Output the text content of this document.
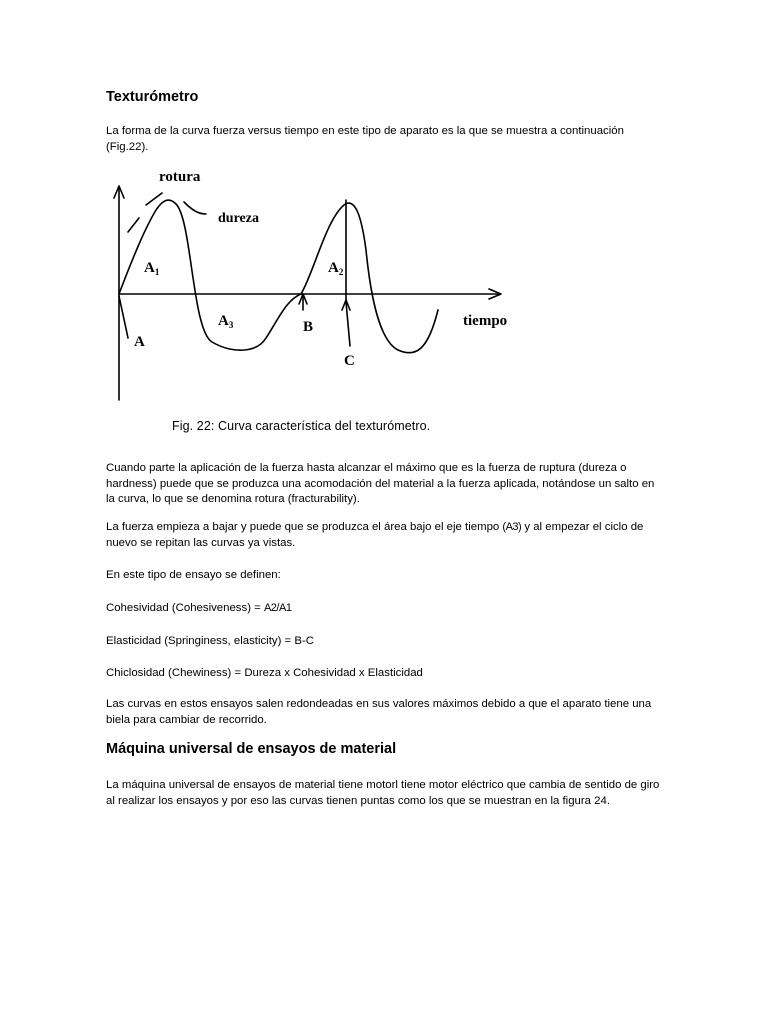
Texturómetro

La forma de la curva fuerza versus tiempo en este tipo de aparato es la que se muestra a continuación (Fig.22).

rotura
dureza
tiempo
A
B
C
$A_1$	$A_2$
$A_3$

Fig. 22: Curva característica del texturómetro.

Cuando parte la aplicación de la fuerza hasta alcanzar el máximo que es la fuerza de ruptura (dureza o hardness) puede que se produzca una acomodación del material a la fuerza aplicada, notándose un salto en la curva, lo que se denomina rotura (fracturability).

La fuerza empieza a bajar y puede que se produzca el área bajo el eje tiempo (A3) y al empezar el ciclo de nuevo se repitan las curvas ya vistas.

En este tipo de ensayo se definen:

Cohesividad (Cohesiveness) = A2/A1

Elasticidad (Springiness, elasticity) = B-C

Chiclosidad (Chewiness) = Dureza x Cohesividad x Elasticidad

Las curvas en estos ensayos salen redondeadas en sus valores máximos debido a que el aparato tiene una biela para cambiar de recorrido.

Máquina universal de ensayos de material

La máquina universal de ensayos de material tiene motorl tiene motor eléctrico que cambia de sentido de giro al realizar los ensayos y por eso las curvas tienen puntas como los que se muestran en la figura 24.
